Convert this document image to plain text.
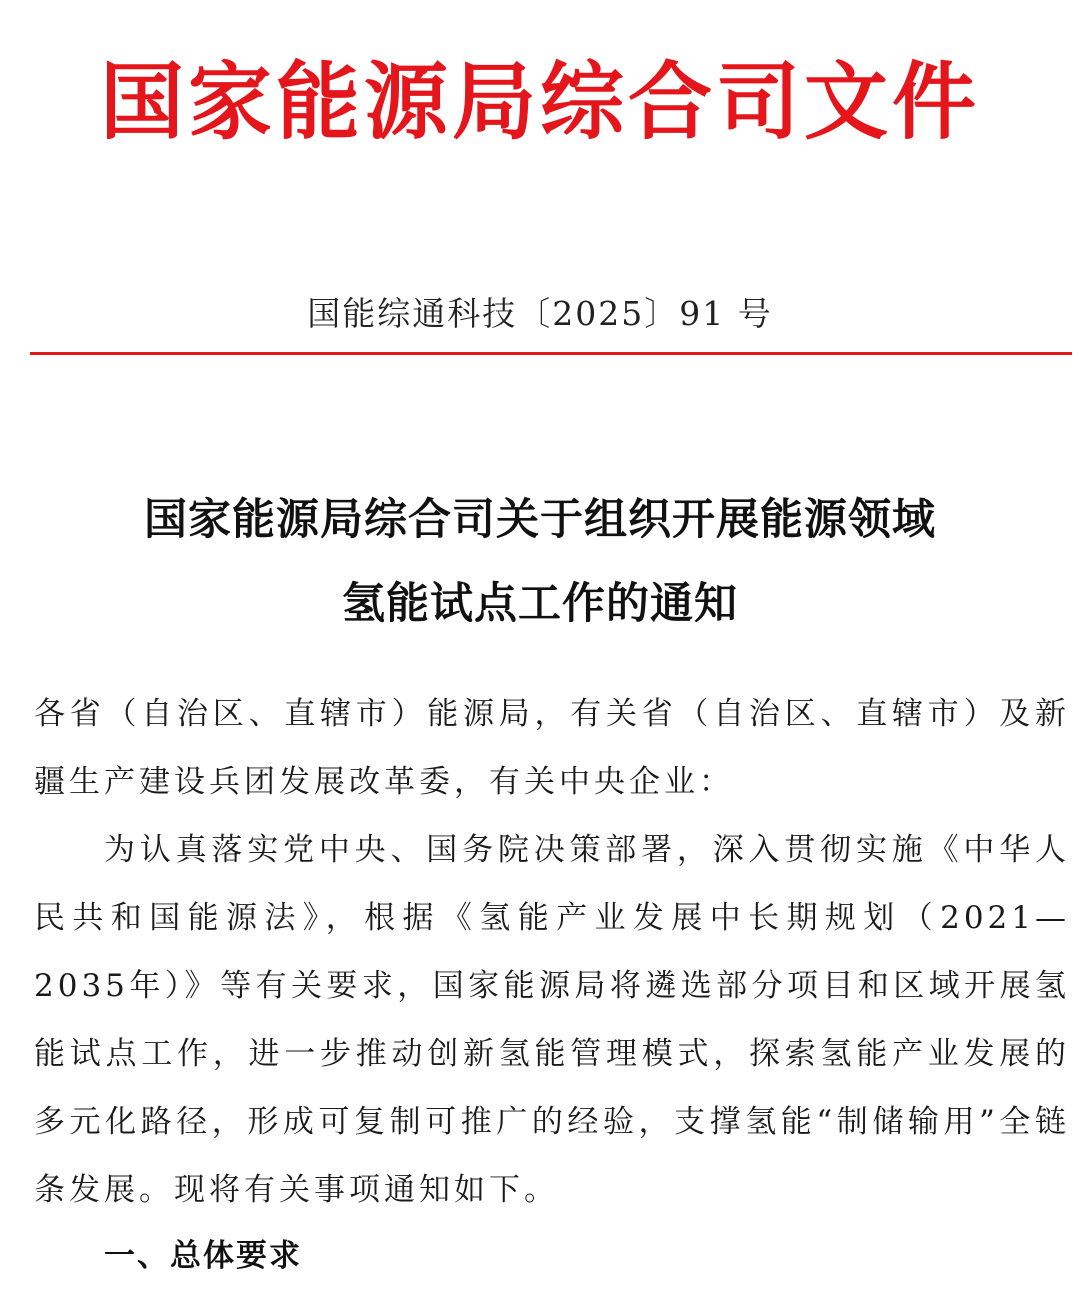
国家能源局综合司文件
国能综通科技〔2025〕91 号
国家能源局综合司关于组织开展能源领域
氢能试点工作的通知

各省（自治区、直辖市）能源局，有关省（自治区、直辖市）及新疆生产建设兵团发展改革委，有关中央企业：

为认真落实党中央、国务院决策部署，深入贯彻实施《中华人民共和国能源法》，根据《氢能产业发展中长期规划（2021—2035年）》等有关要求，国家能源局将遴选部分项目和区域开展氢能试点工作，进一步推动创新氢能管理模式，探索氢能产业发展的多元化路径，形成可复制可推广的经验，支撑氢能“制储输用”全链条发展。现将有关事项通知如下。

一、总体要求
